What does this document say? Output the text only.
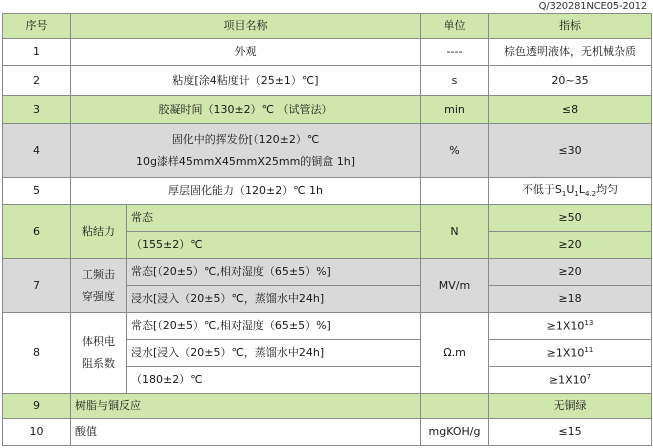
Q/320281NCE05-2012
序号	项目名称		单位	指标
1	外观		----	棕色透明液体，无机械杂质
2	粘度[涂4粘度计（25±1）℃]		s	20~35
3	胶凝时间（130±2）℃ （试管法）		min	≤8
4	固化中的挥发份[（120±2）℃
10g漆样45mmX45mmX25mm的铜盒 1h]		%	≤30
5	厚层固化能力（120±2）℃ 1h			不低于$S_1U_1L_{4.2}$均匀
6	粘结力	常态	N	≥50
		（155±2）℃		≥20
7	工频击
穿强度	常态[（20±5）℃,相对湿度（65±5）%]	MV/m	≥20
		浸水[浸入（20±5）℃，蒸馏水中24h]		≥18
8	体积电
阻系数	常态[（20±5）℃,相对湿度（65±5）%]	Ω.m	$\ge 1X10^{13}$
		浸水[浸入（20±5）℃，蒸馏水中24h]		$\ge 1X10^{11}$
		（180±2）℃		$\ge 1X10^7$
9	树脂与铜反应			无铜绿
10	酸值		mgKOH/g	≤15
